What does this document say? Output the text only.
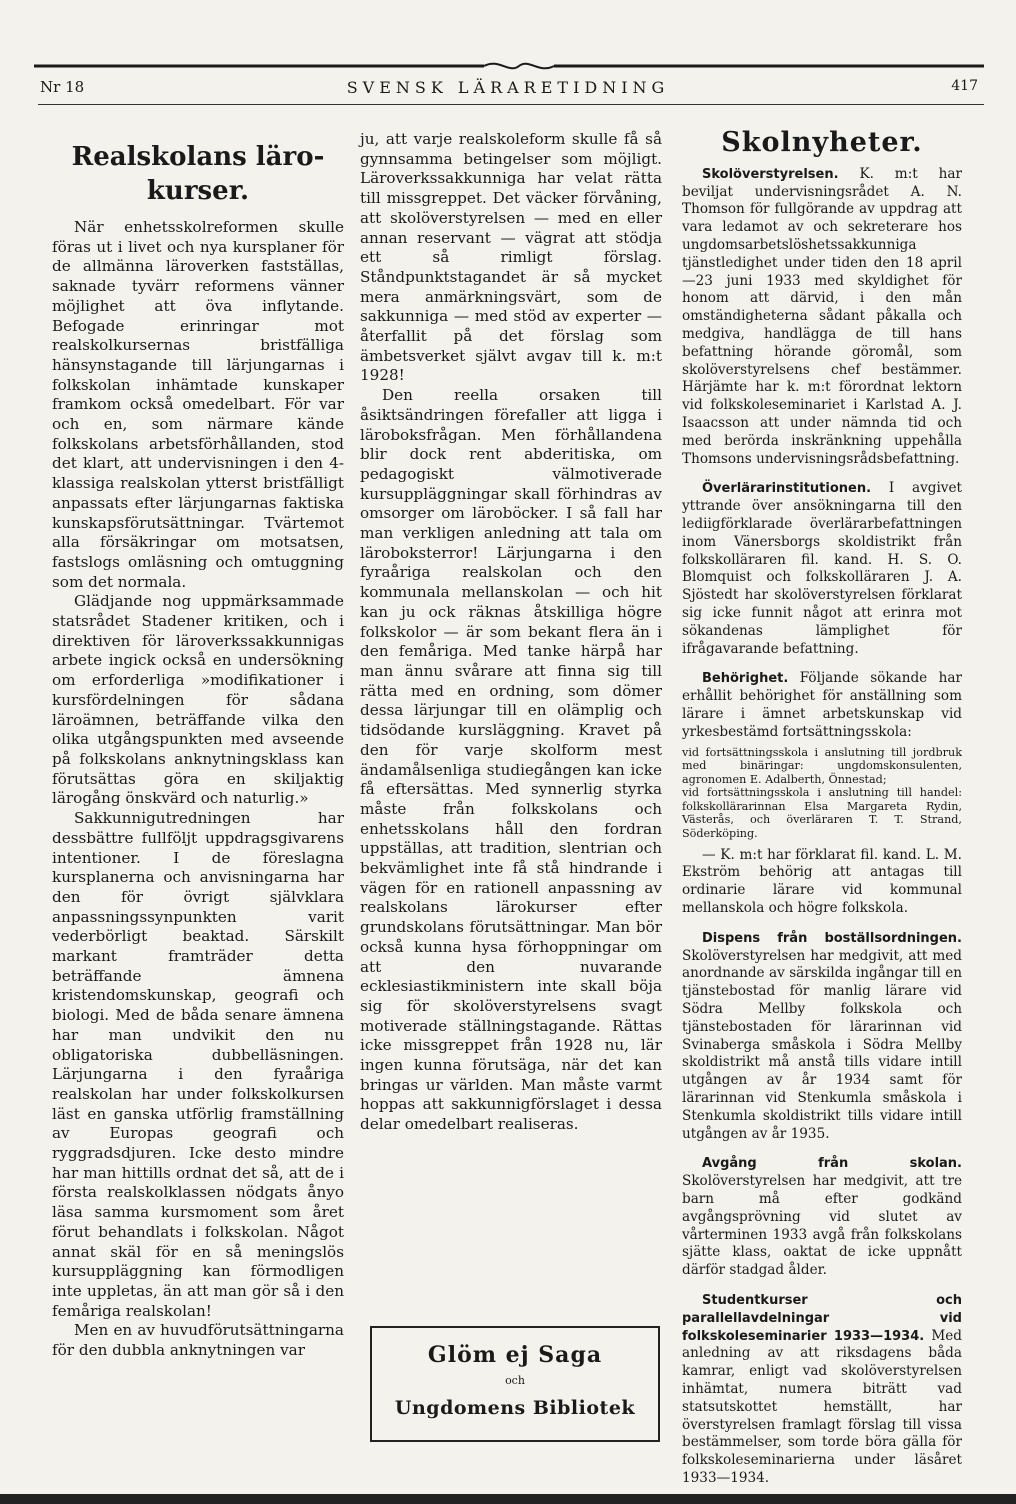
Nr 18	SVENSK LÄRARETIDNING	417
Realskolans läro- kurser.

När enhetsskolreformen skulle föras ut i livet och nya kursplaner för de allmänna läroverken fastställas, saknade tyvärr reformens vänner möjlighet att öva inflytande. Befogade erinringar mot realskolkursernas bristfälliga hänsynstagande till lärjungarnas i folkskolan inhämtade kunskaper framkom också omedelbart. För var och en, som närmare kände folkskolans arbetsförhållanden, stod det klart, att undervisningen i den 4-klassiga realskolan ytterst bristfälligt anpassats efter lärjungarnas faktiska kunskapsförutsättningar. Tvärtemot alla försäkringar om motsatsen, fastslogs omläsning och omtuggning som det normala.

Glädjande nog uppmärksammade statsrådet Stadener kritiken, och i direktiven för läroverkssakkunnigas arbete ingick också en undersökning om erforderliga »modifikationer i kursfördelningen för sådana läroämnen, beträffande vilka den olika utgångspunkten med avseende på folkskolans anknytningsklass kan förutsättas göra en skiljaktig lärogång önskvärd och naturlig.»

Sakkunnigutredningen har dessbättre fullföljt uppdragsgivarens intentioner. I de föreslagna kursplanerna och anvisningarna har den för övrigt självklara anpassningssynpunkten varit vederbörligt beaktad. Särskilt markant framträder detta beträffande ämnena kristendomskunskap, geografi och biologi. Med de båda senare ämnena har man undvikit den nu obligatoriska dubbelläsningen. Lärjungarna i den fyraåriga realskolan har under folkskolkursen läst en ganska utförlig framställning av Europas geografi och ryggradsdjuren. Icke desto mindre har man hittills ordnat det så, att de i första realskolklassen nödgats ånyo läsa samma kursmoment som året förut behandlats i folkskolan. Något annat skäl för en så meningslös kursuppläggning kan förmodligen inte uppletas, än att man gör så i den femåriga realskolan!

Men en av huvudförutsättningarna för den dubbla anknytningen var

ju, att varje realskoleform skulle få så gynnsamma betingelser som möjligt. Läroverkssakkunniga har velat rätta till missgreppet. Det väcker förvåning, att skolöverstyrelsen — med en eller annan reservant — vägrat att stödja ett så rimligt förslag. Ståndpunktstagandet är så mycket mera anmärkningsvärt, som de sakkunniga — med stöd av experter — återfallit på det förslag som ämbetsverket självt avgav till k. m:t 1928!

Den reella orsaken till åsiktsändringen förefaller att ligga i läroboksfrågan. Men förhållandena blir dock rent abderitiska, om pedagogiskt välmotiverade kursuppläggningar skall förhindras av omsorger om läroböcker. I så fall har man verkligen anledning att tala om läroboksterror! Lärjungarna i den fyraåriga realskolan och den kommunala mellanskolan — och hit kan ju ock räknas åtskilliga högre folkskolor — är som bekant flera än i den femåriga. Med tanke härpå har man ännu svårare att finna sig till rätta med en ordning, som dömer dessa lärjungar till en olämplig och tidsödande kursläggning. Kravet på den för varje skolform mest ändamålsenliga studiegången kan icke få eftersättas. Med synnerlig styrka måste från folkskolans och enhetsskolans håll den fordran uppställas, att tradition, slentrian och bekvämlighet inte få stå hindrande i vägen för en rationell anpassning av realskolans lärokurser efter grundskolans förutsättningar. Man bör också kunna hysa förhoppningar om att den nuvarande ecklesiastikministern inte skall böja sig för skolöverstyrelsens svagt motiverade ställningstagande. Rättas icke missgreppet från 1928 nu, lär ingen kunna förutsäga, när det kan bringas ur världen. Man måste varmt hoppas att sakkunnigförslaget i dessa delar omedelbart realiseras.

Glöm ej Saga
och
Ungdomens Bibliotek
Skolnyheter.

Skolöverstyrelsen. K. m:t har beviljat undervisningsrådet A. N. Thomson för fullgörande av uppdrag att vara ledamot av och sekreterare hos ungdomsarbetslöshetssakkunniga tjänstledighet under tiden den 18 april—23 juni 1933 med skyldighet för honom att därvid, i den mån omständigheterna sådant påkalla och medgiva, handlägga de till hans befattning hörande göromål, som skolöverstyrelsens chef bestämmer. Härjämte har k. m:t förordnat lektorn vid folkskoleseminariet i Karlstad A. J. Isaacsson att under nämnda tid och med berörda inskränkning uppehålla Thomsons undervisningsrådsbefattning.

Överlärarinstitutionen. I avgivet yttrande över ansökningarna till den lediigförklarade överlärarbefattningen inom Vänersborgs skoldistrikt från folkskolläraren fil. kand. H. S. O. Blomquist och folkskolläraren J. A. Sjöstedt har skolöverstyrelsen förklarat sig icke funnit något att erinra mot sökandenas lämplighet för ifrågavarande befattning.

Behörighet. Följande sökande har erhållit behörighet för anställning som lärare i ämnet arbetskunskap vid yrkesbestämd fortsättningsskola:

vid fortsättningsskola i anslutning till jordbruk med binäringar: ungdomskonsulenten, agronomen E. Adalberth, Önnestad;

vid fortsättningsskola i anslutning till handel: folkskollärarinnan Elsa Margareta Rydin, Västerås, och överläraren T. T. Strand, Söderköping.

— K. m:t har förklarat fil. kand. L. M. Ekström behörig att antagas till ordinarie lärare vid kommunal mellanskola och högre folkskola.

Dispens från boställsordningen. Skolöverstyrelsen har medgivit, att med anordnande av särskilda ingångar till en tjänstebostad för manlig lärare vid Södra Mellby folkskola och tjänstebostaden för lärarinnan vid Svinaberga småskola i Södra Mellby skoldistrikt må anstå tills vidare intill utgången av år 1934 samt för lärarinnan vid Stenkumla småskola i Stenkumla skoldistrikt tills vidare intill utgången av år 1935.

Avgång från skolan. Skolöverstyrelsen har medgivit, att tre barn må efter godkänd avgångsprövning vid slutet av vårterminen 1933 avgå från folkskolans sjätte klass, oaktat de icke uppnått därför stadgad ålder.

Studentkurser och parallellavdelningar vid folkskoleseminarier 1933—1934. Med anledning av att riksdagens båda kamrar, enligt vad skolöverstyrelsen inhämtat, numera biträtt vad statsutskottet hemställt, har överstyrelsen framlagt förslag till vissa bestämmelser, som torde böra gälla för folkskoleseminarierna under läsåret 1933—1934.
